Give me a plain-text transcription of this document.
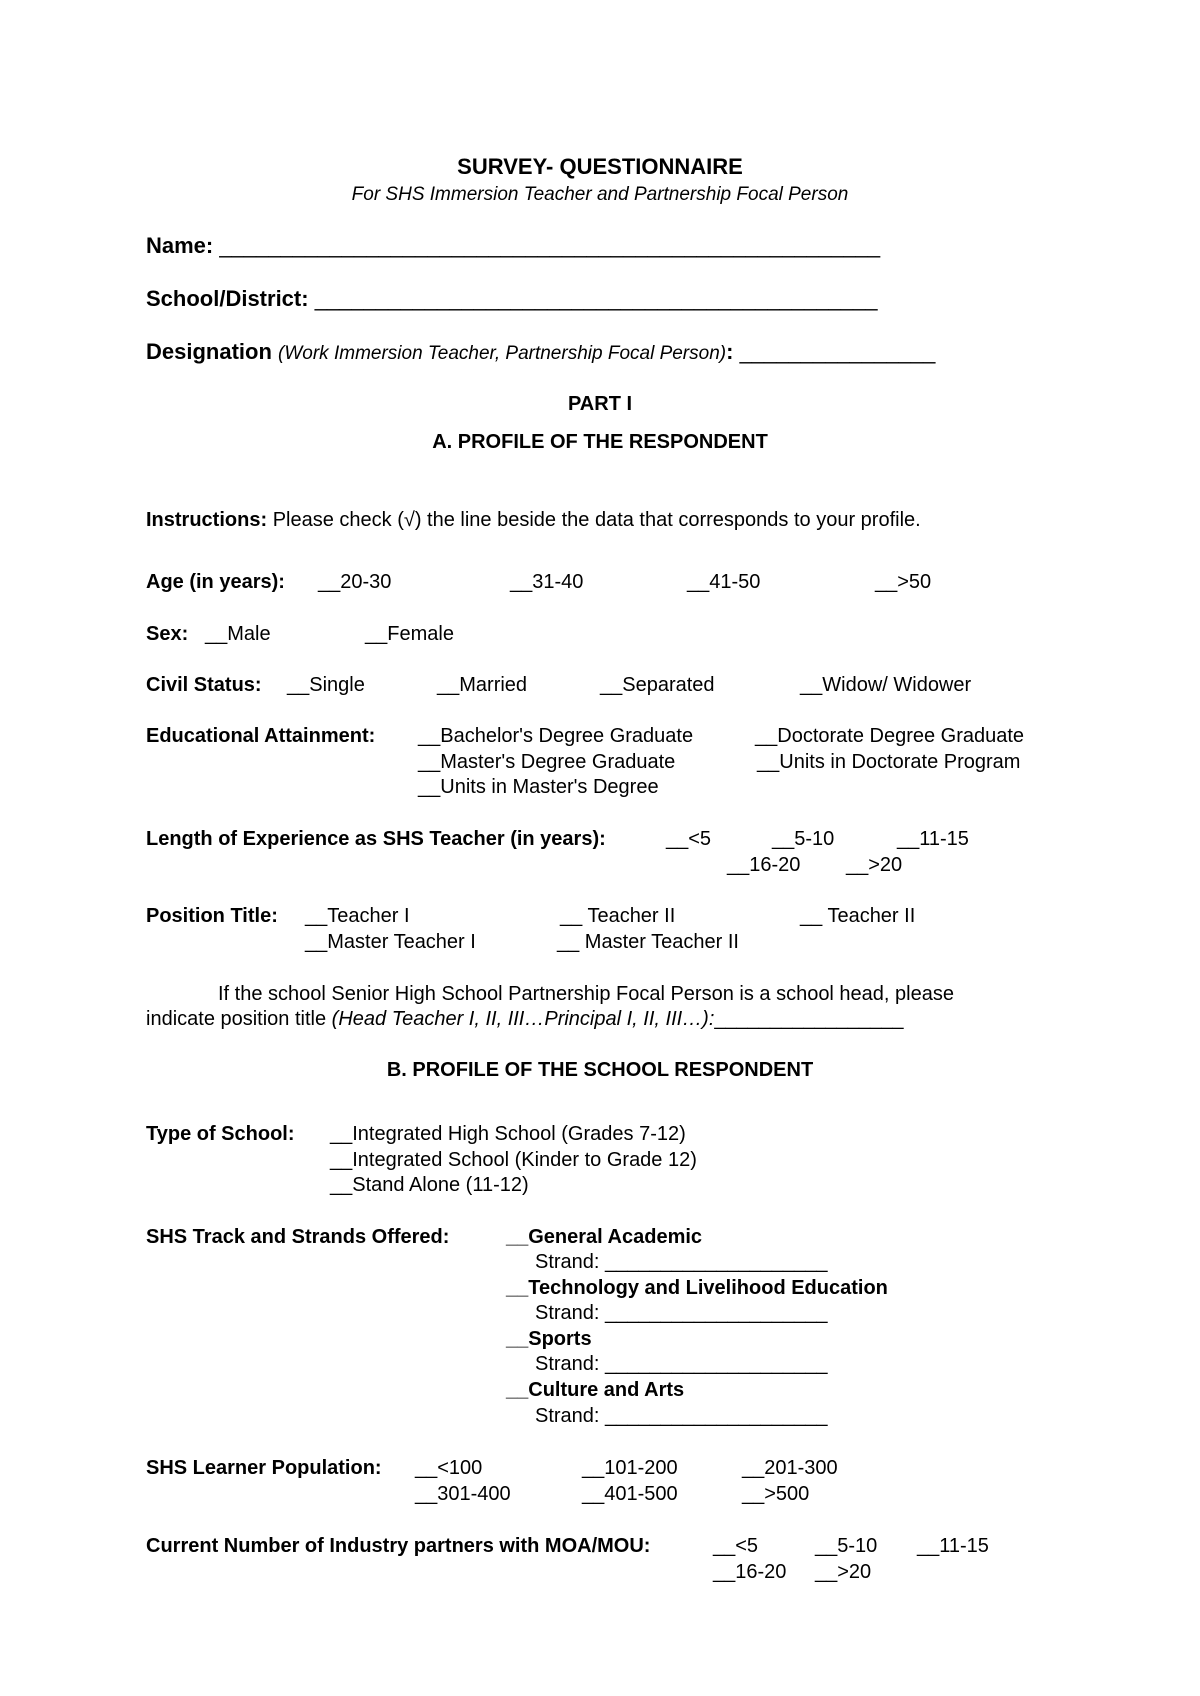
SURVEY- QUESTIONNAIRE
For SHS Immersion Teacher and Partnership Focal Person
Name: ______________________________________________________
School/District: ______________________________________________
Designation (Work Immersion Teacher, Partnership Focal Person): ________________
PART I
A. PROFILE OF THE RESPONDENT
Instructions: Please check (√) the line beside the data that corresponds to your profile.
Age (in years): __20-30	__31-40	__41-50	__>50
Sex: __Male	__Female
Civil Status: __Single	__Married	__Separated	__Widow/ Widower
Educational Attainment: __Bachelor's Degree Graduate	__Doctorate Degree Graduate
__Master's Degree Graduate	__Units in Doctorate Program
__Units in Master's Degree
Length of Experience as SHS Teacher (in years):	__<5	__5-10	__11-15
__16-20 __>20
Position Title: __Teacher I	__ Teacher II	__ Teacher II
__Master Teacher I	__ Master Teacher II
If the school Senior High School Partnership Focal Person is a school head, please
indicate position title (Head Teacher I, II, III…Principal I, II, III…):_________________
B. PROFILE OF THE SCHOOL RESPONDENT
Type of School: __Integrated High School (Grades 7-12)
__Integrated School (Kinder to Grade 12)
__Stand Alone (11-12)
SHS Track and Strands Offered:	__General Academic
Strand: ____________________
__Technology and Livelihood Education
Strand: ____________________
__Sports
Strand: ____________________
__Culture and Arts
Strand: ____________________
SHS Learner Population: __<100	__101-200	__201-300
__301-400	__401-500	__>500
Current Number of Industry partners with MOA/MOU:	__<5	__5-10 __11-15
__16-20 __>20
